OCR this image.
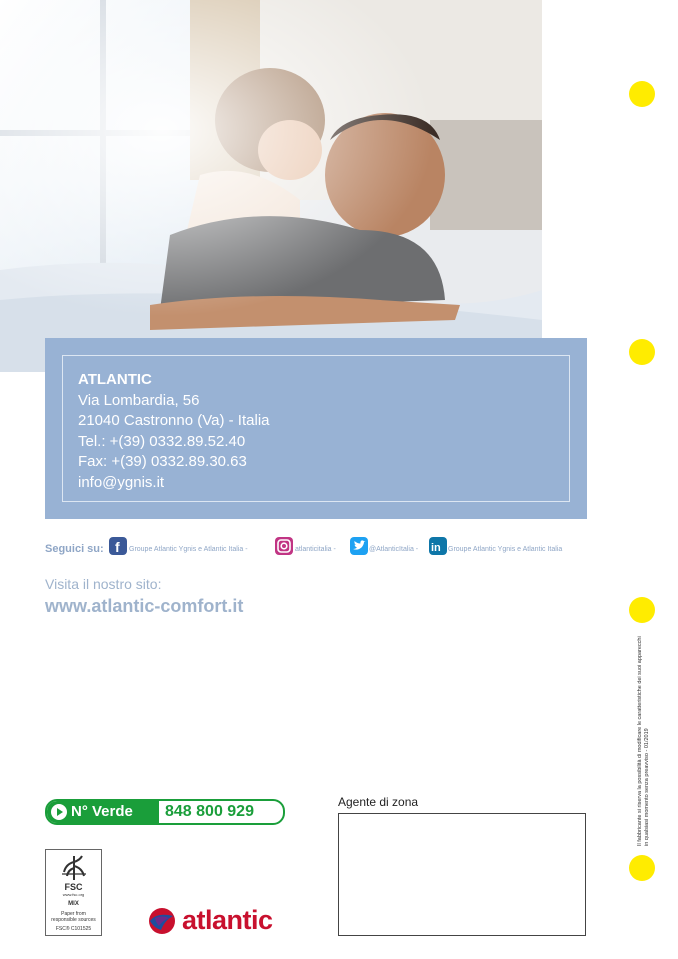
ATLANTIC
Via Lombardia, 56
21040 Castronno (Va) - Italia
Tel.: +(39) 0332.89.52.40
Fax: +(39) 0332.89.30.63
info@ygnis.it
Seguici su: f Groupe Atlantic Ygnis e Atlantic Italia -	atlanticitalia -	@AtlanticItalia - in Groupe Atlantic Ygnis e Atlantic Italia
Visita il nostro sito:
www.atlantic-comfort.it
Il fabbricante si riserva la possibilità di modificare le caratteristiche dei suoi apparecchi in qualsiasi momento senza preavviso - 01/2019
N° Verde	848 800 929
Agente di zona
FSC
www.fsc.org
MIX
Paper from
responsible sources
FSC® C101525	atlantic
